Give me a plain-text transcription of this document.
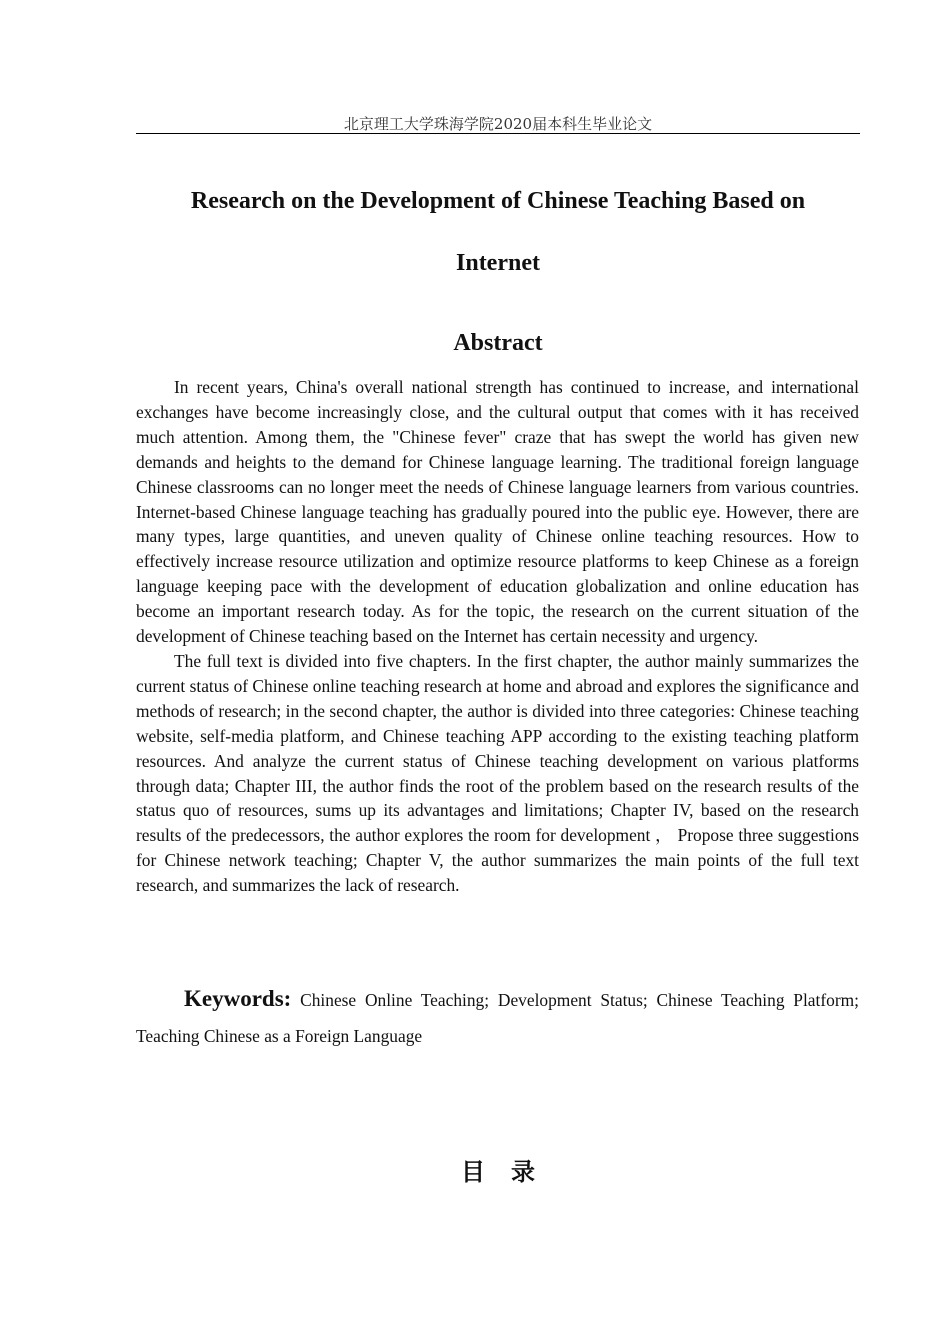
北京理工大学珠海学院2020届本科生毕业论文
Research on the Development of Chinese Teaching Based on
Internet
Abstract

In recent years, China's overall national strength has continued to increase, and international exchanges have become increasingly close, and the cultural output that comes with it has received much attention. Among them, the "Chinese fever" craze that has swept the world has given new demands and heights to the demand for Chinese language learning. The traditional foreign language Chinese classrooms can no longer meet the needs of Chinese language learners from various countries. Internet-based Chinese language teaching has gradually poured into the public eye. However, there are many types, large quantities, and uneven quality of Chinese online teaching resources. How to effectively increase resource utilization and optimize resource platforms to keep Chinese as a foreign language keeping pace with the development of education globalization and online education has become an important research today. As for the topic, the research on the current situation of the development of Chinese teaching based on the Internet has certain necessity and urgency.

The full text is divided into five chapters. In the first chapter, the author mainly summarizes the current status of Chinese online teaching research at home and abroad and explores the significance and methods of research; in the second chapter, the author is divided into three categories: Chinese teaching website, self-media platform, and Chinese teaching APP according to the existing teaching platform resources. And analyze the current status of Chinese teaching development on various platforms through data; Chapter III, the author finds the root of the problem based on the research results of the status quo of resources, sums up its advantages and limitations; Chapter IV, based on the research results of the predecessors, the author explores the room for development ， Propose three suggestions for Chinese network teaching; Chapter V, the author summarizes the main points of the full text research, and summarizes the lack of research.

Keywords: Chinese Online Teaching; Development Status; Chinese Teaching Platform; Teaching Chinese as a Foreign Language

目录
